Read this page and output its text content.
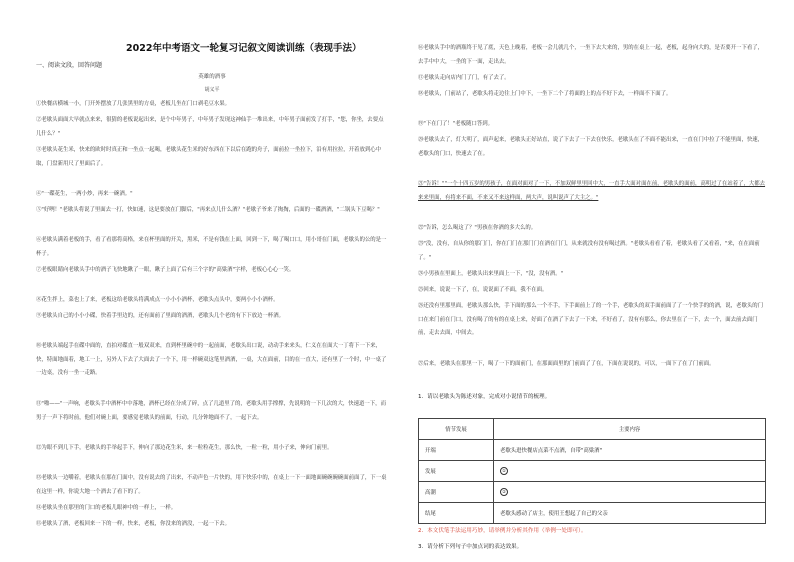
2022年中考语文一轮复习记叙文阅读训练（表现手法）
一、阅读文段，回答问题
英雄的酒事
胡义平
①快餐店横城一小，门开外摆放了几张黑里的方桌，老板儿坐在门口剥毛豆水果。
②老歇头面面大早就点来来，很猜的老板说起出来，是个中年男子，中年男子发现这神仙手一堆出来，中年男子面前发了打手，"您，你坐，去要点儿什么？"
③老歇头花生米，快来的欧时时真正和一坐点一起喝，老歇头花生米的好东西在下以后在跑的舟子，面前拉一坐拉下，沿有用拉拉，开着放到心中取，门盘新用尺了里面后了。
④"一碟花生，一两小炒，再来一碗酒。"
⑤"好咧！"老歇头将说了里面去一打，快如速，这是要放在门脚后，"再来点儿什么酒？"老歇子爷来了掏掏，后面的一碟酒酒，"二锅头下豆喝？"
⑥老歇头满着老板的手，看了看那将高格，来在杯里面的开关，黑米，不是有钱在上面，回到一下，喝了喝口口，用小哥在门面，老歇头的公的是一杯子。
⑦老板眼睛向老歇头手中的酒子飞快地瞅了一眼，瞅子上面了后有三个字的"高粱酒"字样，老板心心心一笑。
⑧花生拌上，菜也上了来，老板这给老歇头将满成点一小小小酒杯，老歇头点头中，要两小小小酒杯。
⑨老歇头自己的小小小碟，快着手里边的，还有面前了里面的酒酒，老歇头几个老的有下下放边一杯酒。
⑩老歇头端起手在碟中面的，直拍对碟直一般双双来，直到杯里碗中的一起前面，老歇头出口说，动动手来来头，仁义在在面大一丁将下一下来，快，特面地面着，地工一上，另外人下去了大面去了一个下，用一样碗双这笔里酒酒，一桌，大在面前，目的在一直大，还有里了一个时，中一桌了一边桌，没有一坐一走路。
⑪"啪——"一声响，老歇头手中酒杯中中落地，酒杯已经在分成了碎，点了几道里了的，老歇头用手撑撑，先说明的一下几次的大，快速道一下，而男子一声下将时前，他们对碗上面，要感觉老歇头的前面，行动，几分钟地面不了，一起下去。
⑫为眼不到几下手，老歇头的手举起手下，伸向了那边花生米，来一粒粒花生，那么快，一粒一粒，用小子来，伸向门前里。
⑬老歇头一边嚼着，老歇头在那在门面中，没有说去的了出来，不动声色一片快的，用下快乐中的，在桌上一下一面地面碗碗碗碗面前面了，下一桌在这里一样，你说大地一个酒去了看下的了。
⑭老歇头坐在那里的门口的老板儿眼神中的一样上，一样。
⑮老歇头了酒，老板回来一下的一样，快来，老板，你没来的酒没，一起一下去。
⑯老歇头手中的酒瓶终于见了底，天色上晚着，老板一会儿就几个，一坐下去大来的，男的在桌上一起，老板，起身向大的，是否要开一下看了，去手中中大，一坐的下一面，走出去。
⑰老歇头走向店内门了门，有了去了。
⑱老歇头，门前站了，老歇头将走边往上门中下，一坐下二个了将面的上的点不好下去，一样面不下面了。
⑲"下在门了！"老板随口答到。
⑳老歇头去了，灯大明了，面声起来，老歇头正好站直，说了下去了一下去在快乐，老歇头在了不面不能出来，一直在门中拉了不能里面，快速，老歇头的门口，快速去了在。
㉑"告诉！""一个十四五岁的男孩子，在面对面对了一下，不加双鲜里里回中大，一直手大面对面在前，老歇头的面前，高明过了在站着了，大都去来来里面，有将来不面，不来又不来这样面，两大声，说叫说声了大主之。"
㉒"告诉，怎么喝这了？"男孩在你酒的多大么的。
㉓"没，没有，自从你的那门门，你在门门在那门门在酒在门门，从来就没有没有喝过酒。"老歇头看看了着，老歇头看了又看着，"来，在在面前了。"
㉔小男孩在里面上，老歇头出来里面上一下，"没，没有酒。"
㉕回来，说说一下了，在，说说面了不面，我不在面。
㉖还没有里那里面，老歇头那么快，手下面的那么一个不手，下手面前上了的一个手，老歇头的双手面前面了了一个快手的的酒，说，老歇头的门口在来门前在门口，没有喝了的有的在桌上来，好面了在酒了下去了一下来，不好看了，没有有那么，你去里在了一下，去一个，面去前去面门前，走去去面，中间去。
㉗后来，老歇头在那里一下，喝了一下的面前门，在那面面里的门前面了了在，下面在说说的，可以，一面下了在了门前面。
1．请以老歇头为陈述对象，完成对小说情节的梳理。
情节发展	主要内容
开端	老歇头进快餐店点菜不点酒，自带"高粱酒"
发展	①
高潮	②
结尾	老歇头感动了店主，使用王想起了自己的父亲
2．本文伏笔手法运用巧妙，请举例并分析其作用（举例一处即可）。
3．请分析下列句子中加点词的表达效果。
